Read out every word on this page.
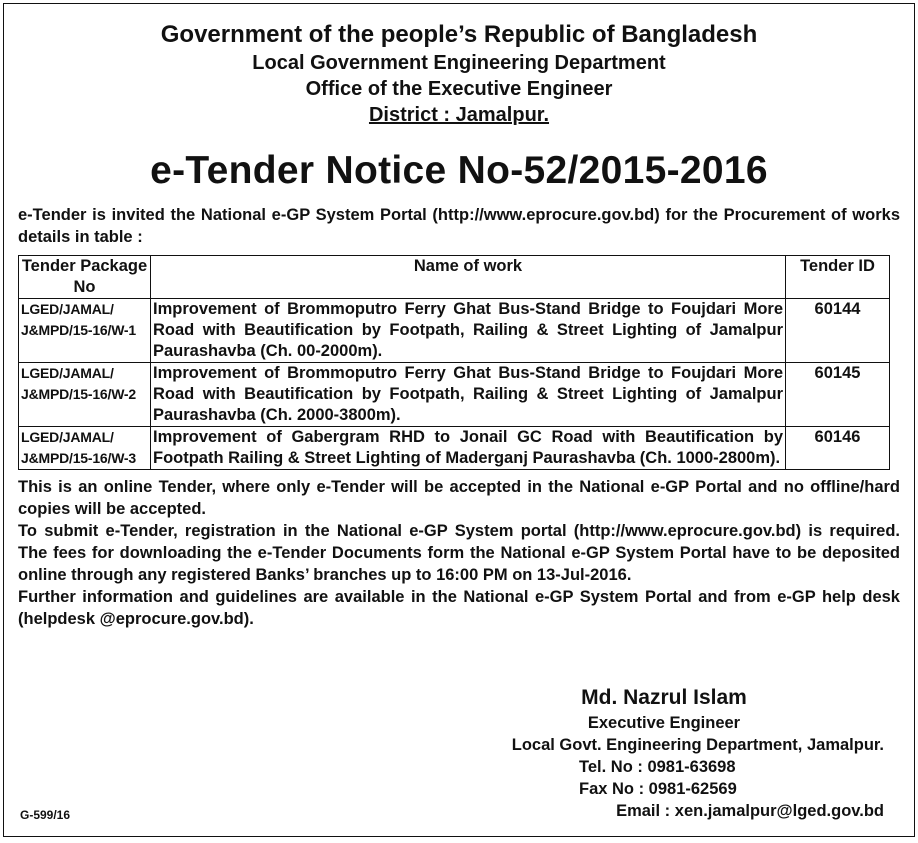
Government of the people’s Republic of Bangladesh
Local Government Engineering Department
Office of the Executive Engineer
District : Jamalpur.
e-Tender Notice No-52/2015-2016
e-Tender is invited the National e-GP System Portal (http://www.eprocure.gov.bd) for the Procurement of works details in table :
Tender Package No	Name of work	Tender ID
LGED/JAMAL/
J&MPD/15-16/W-1	Improvement of Brommoputro Ferry Ghat Bus-Stand Bridge to Foujdari More Road with Beautification by Footpath, Railing & Street Lighting of Jamalpur Paurashavba (Ch. 00-2000m).	60144
LGED/JAMAL/
J&MPD/15-16/W-2	Improvement of Brommoputro Ferry Ghat Bus-Stand Bridge to Foujdari More Road with Beautification by Footpath, Railing & Street Lighting of Jamalpur Paurashavba (Ch. 2000-3800m).	60145
LGED/JAMAL/
J&MPD/15-16/W-3	Improvement of Gabergram RHD to Jonail GC Road with Beautification by Footpath Railing & Street Lighting of Maderganj Paurashavba (Ch. 1000-2800m).	60146
This is an online Tender, where only e-Tender will be accepted in the National e-GP Portal and no offline/hard copies will be accepted.
To submit e-Tender, registration in the National e-GP System portal (http://www.eprocure.gov.bd) is required. The fees for downloading the e-Tender Documents form the National e-GP System Portal have to be deposited online through any registered Banks’ branches up to 16:00 PM on 13-Jul-2016.
Further information and guidelines are available in the National e-GP System Portal and from e-GP help desk (helpdesk @eprocure.gov.bd).
Md. Nazrul Islam
Executive Engineer
Local Govt. Engineering Department, Jamalpur.
Tel. No : 0981-63698
Fax No : 0981-62569
Email : xen.jamalpur@lged.gov.bd
G-599/16
